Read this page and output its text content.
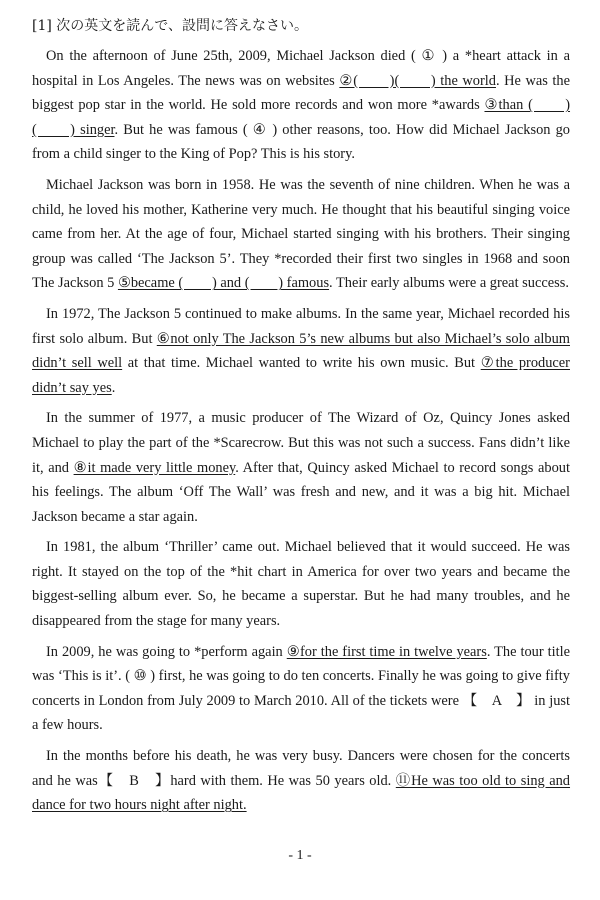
[1] 次の英文を読んで、設問に答えなさい。
On the afternoon of June 25th, 2009, Michael Jackson died ( ① ) a *heart attack in a hospital in Los Angeles. The news was on websites ②(　　)(　　) the world. He was the biggest pop star in the world. He sold more records and won more *awards ③than (　　)(　　) singer. But he was famous ( ④ ) other reasons, too. How did Michael Jackson go from a child singer to the King of Pop? This is his story.
Michael Jackson was born in 1958. He was the seventh of nine children. When he was a child, he loved his mother, Katherine very much. He thought that his beautiful singing voice came from her. At the age of four, Michael started singing with his brothers. Their singing group was called ‘The Jackson 5’. They *recorded their first two singles in 1968 and soon The Jackson 5 ⑤became (　　) and (　　) famous. Their early albums were a great success.
In 1972, The Jackson 5 continued to make albums. In the same year, Michael recorded his first solo album. But ⑥not only The Jackson 5’s new albums but also Michael’s solo album didn’t sell well at that time. Michael wanted to write his own music. But ⑦the producer didn’t say yes.
In the summer of 1977, a music producer of The Wizard of Oz, Quincy Jones asked Michael to play the part of the *Scarecrow. But this was not such a success. Fans didn’t like it, and ⑧it made very little money. After that, Quincy asked Michael to record songs about his feelings. The album ‘Off The Wall’ was fresh and new, and it was a big hit. Michael Jackson became a star again.
In 1981, the album ‘Thriller’ came out. Michael believed that it would succeed. He was right. It stayed on the top of the *hit chart in America for over two years and became the biggest-selling album ever. So, he became a superstar. But he had many troubles, and he disappeared from the stage for many years.
In 2009, he was going to *perform again ⑨for the first time in twelve years. The tour title was ‘This is it’. ( ⑩ ) first, he was going to do ten concerts. Finally he was going to give fifty concerts in London from July 2009 to March 2010. All of the tickets were 【　A　】 in just a few hours.
In the months before his death, he was very busy. Dancers were chosen for the concerts and he was【　B　】hard with them. He was 50 years old. ⑪He was too old to sing and dance for two hours night after night.
- 1 -
